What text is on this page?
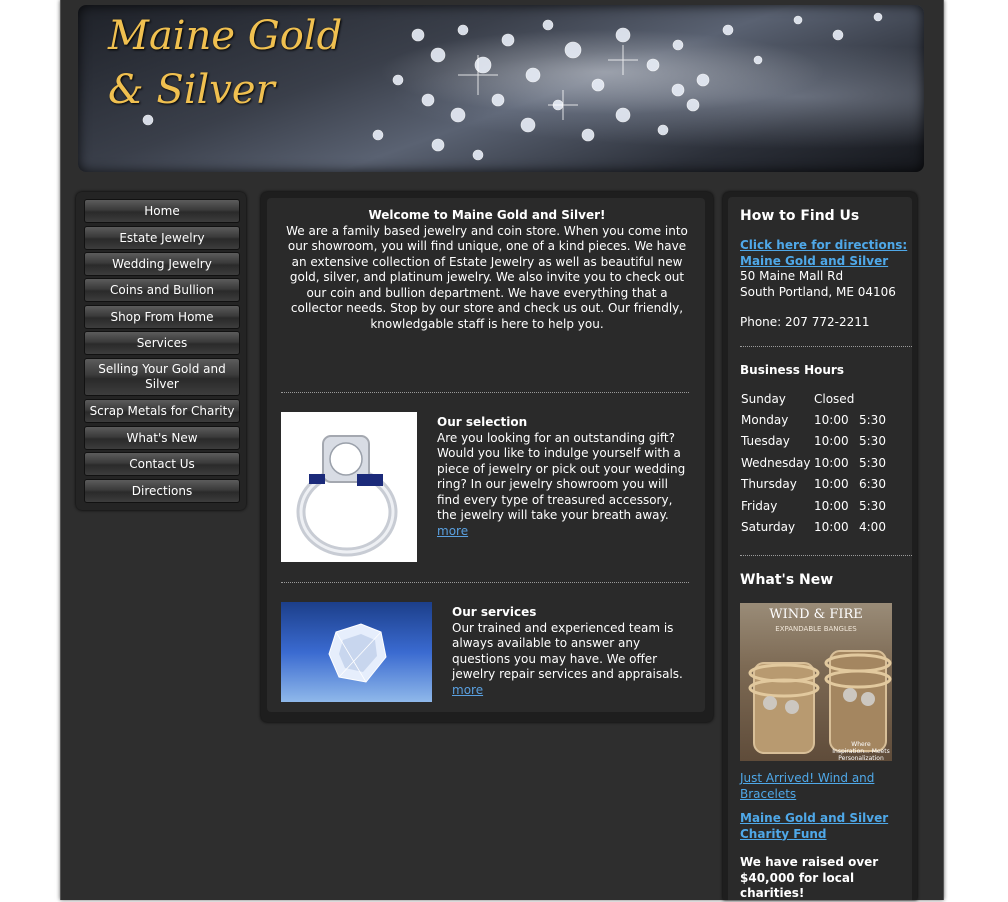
Maine Gold
& Silver
Home
Estate Jewelry
Wedding Jewelry
Coins and Bullion
Shop From Home
Services
Selling Your Gold and Silver
Scrap Metals for Charity
What's New
Contact Us
Directions
Welcome to Maine Gold and Silver!
We are a family based jewelry and coin store. When you come into our showroom, you will find unique, one of a kind pieces. We have an extensive collection of Estate Jewelry as well as beautiful new gold, silver, and platinum jewelry. We also invite you to check out our coin and bullion department. We have everything that a collector needs. Stop by our store and check us out. Our friendly, knowledgable staff is here to help you.
Our selection
Are you looking for an outstanding gift? Would you like to indulge yourself with a piece of jewelry or pick out your wedding ring? In our jewelry showroom you will find every type of treasured accessory, the jewelry will take your breath away.
more
Our services
Our trained and experienced team is always available to answer any questions you may have. We offer jewelry repair services and appraisals.
more
How to Find Us
Click here for directions: Maine Gold and Silver
50 Maine Mall Rd
South Portland, ME 04106
Phone: 207 772-2211
Business Hours
Sunday	Closed	
Monday	10:00	5:30
Tuesday	10:00	5:30
Wednesday	10:00	5:30
Thursday	10:00	6:30
Friday	10:00	5:30
Saturday	10:00	4:00
What's New
WIND & FIRE
EXPANDABLE BANGLES
Where Inspiration... Meets Personalization
Just Arrived! Wind and Bracelets
Maine Gold and Silver Charity Fund
We have raised over $40,000 for local charities!
